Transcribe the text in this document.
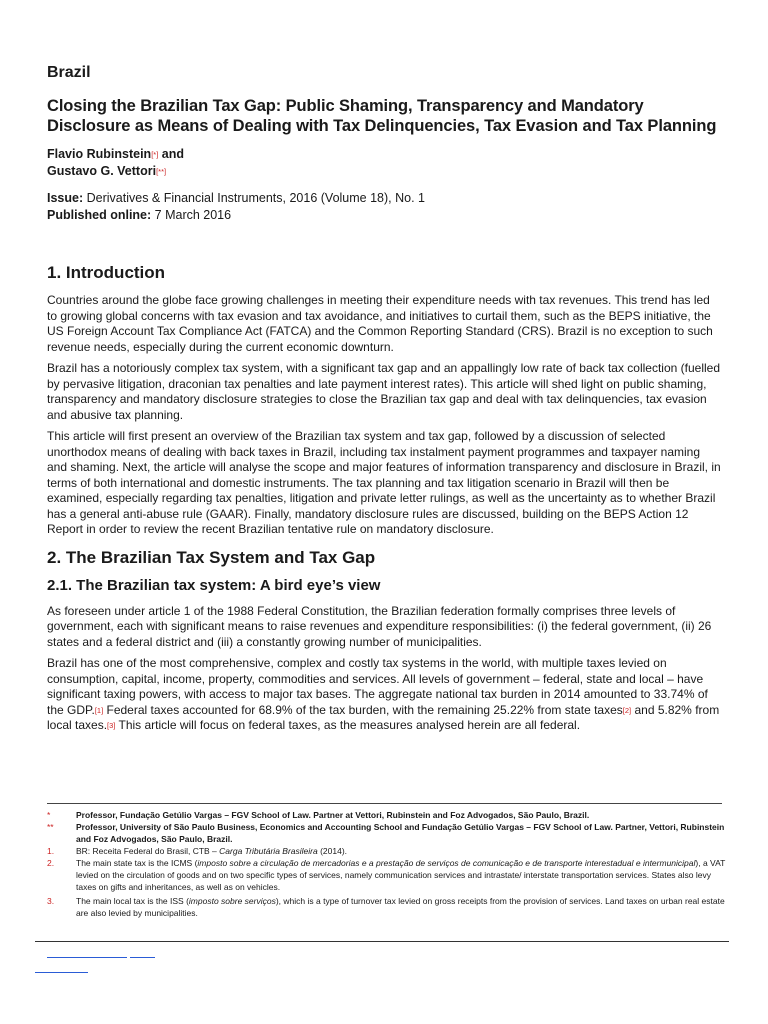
Brazil
Closing the Brazilian Tax Gap: Public Shaming, Transparency and Mandatory Disclosure as Means of Dealing with Tax Delinquencies, Tax Evasion and Tax Planning
Flavio Rubinstein[*] and
Gustavo G. Vettori[**]
Issue: Derivatives & Financial Instruments, 2016 (Volume 18), No. 1
Published online: 7 March 2016
1. Introduction

Countries around the globe face growing challenges in meeting their expenditure needs with tax revenues. This trend has led to growing global concerns with tax evasion and tax avoidance, and initiatives to curtail them, such as the BEPS initiative, the US Foreign Account Tax Compliance Act (FATCA) and the Common Reporting Standard (CRS). Brazil is no exception to such revenue needs, especially during the current economic downturn.

Brazil has a notoriously complex tax system, with a significant tax gap and an appallingly low rate of back tax collection (fuelled by pervasive litigation, draconian tax penalties and late payment interest rates). This article will shed light on public shaming, transparency and mandatory disclosure strategies to close the Brazilian tax gap and deal with tax delinquencies, tax evasion and abusive tax planning.

This article will first present an overview of the Brazilian tax system and tax gap, followed by a discussion of selected unorthodox means of dealing with back taxes in Brazil, including tax instalment payment programmes and taxpayer naming and shaming. Next, the article will analyse the scope and major features of information transparency and disclosure in Brazil, in terms of both international and domestic instruments. The tax planning and tax litigation scenario in Brazil will then be examined, especially regarding tax penalties, litigation and private letter rulings, as well as the uncertainty as to whether Brazil has a general anti-abuse rule (GAAR). Finally, mandatory disclosure rules are discussed, building on the BEPS Action 12 Report in order to review the recent Brazilian tentative rule on mandatory disclosure.

2. The Brazilian Tax System and Tax Gap
2.1. The Brazilian tax system: A bird eye’s view

As foreseen under article 1 of the 1988 Federal Constitution, the Brazilian federation formally comprises three levels of government, each with significant means to raise revenues and expenditure responsibilities: (i) the federal government, (ii) 26 states and a federal district and (iii) a constantly growing number of municipalities.

Brazil has one of the most comprehensive, complex and costly tax systems in the world, with multiple taxes levied on consumption, capital, income, property, commodities and services. All levels of government – federal, state and local – have significant taxing powers, with access to major tax bases. The aggregate national tax burden in 2014 amounted to 33.74% of the GDP.[1] Federal taxes accounted for 68.9% of the tax burden, with the remaining 25.22% from state taxes[2] and 5.82% from local taxes.[3] This article will focus on federal taxes, as the measures analysed herein are all federal.

*	Professor, Fundação Getúlio Vargas – FGV School of Law. Partner at Vettori, Rubinstein and Foz Advogados, São Paulo, Brazil.
**	Professor, University of São Paulo Business, Economics and Accounting School and Fundação Getúlio Vargas – FGV School of Law. Partner, Vettori, Rubinstein and Foz Advogados, São Paulo, Brazil.
1.	BR: Receita Federal do Brasil, CTB – Carga Tributária Brasileira (2014).
2.	The main state tax is the ICMS (imposto sobre a circulação de mercadorias e a prestação de serviços de comunicação e de transporte interestadual e intermunicipal), a VAT levied on the circulation of goods and on two specific types of services, namely communication services and intrastate/ interstate transportation services. States also levy taxes on gifts and inheritances, as well as on vehicles.
3.	The main local tax is the ISS (imposto sobre serviços), which is a type of turnover tax levied on gross receipts from the provision of services. Land taxes on urban real estate are also levied by municipalities.
